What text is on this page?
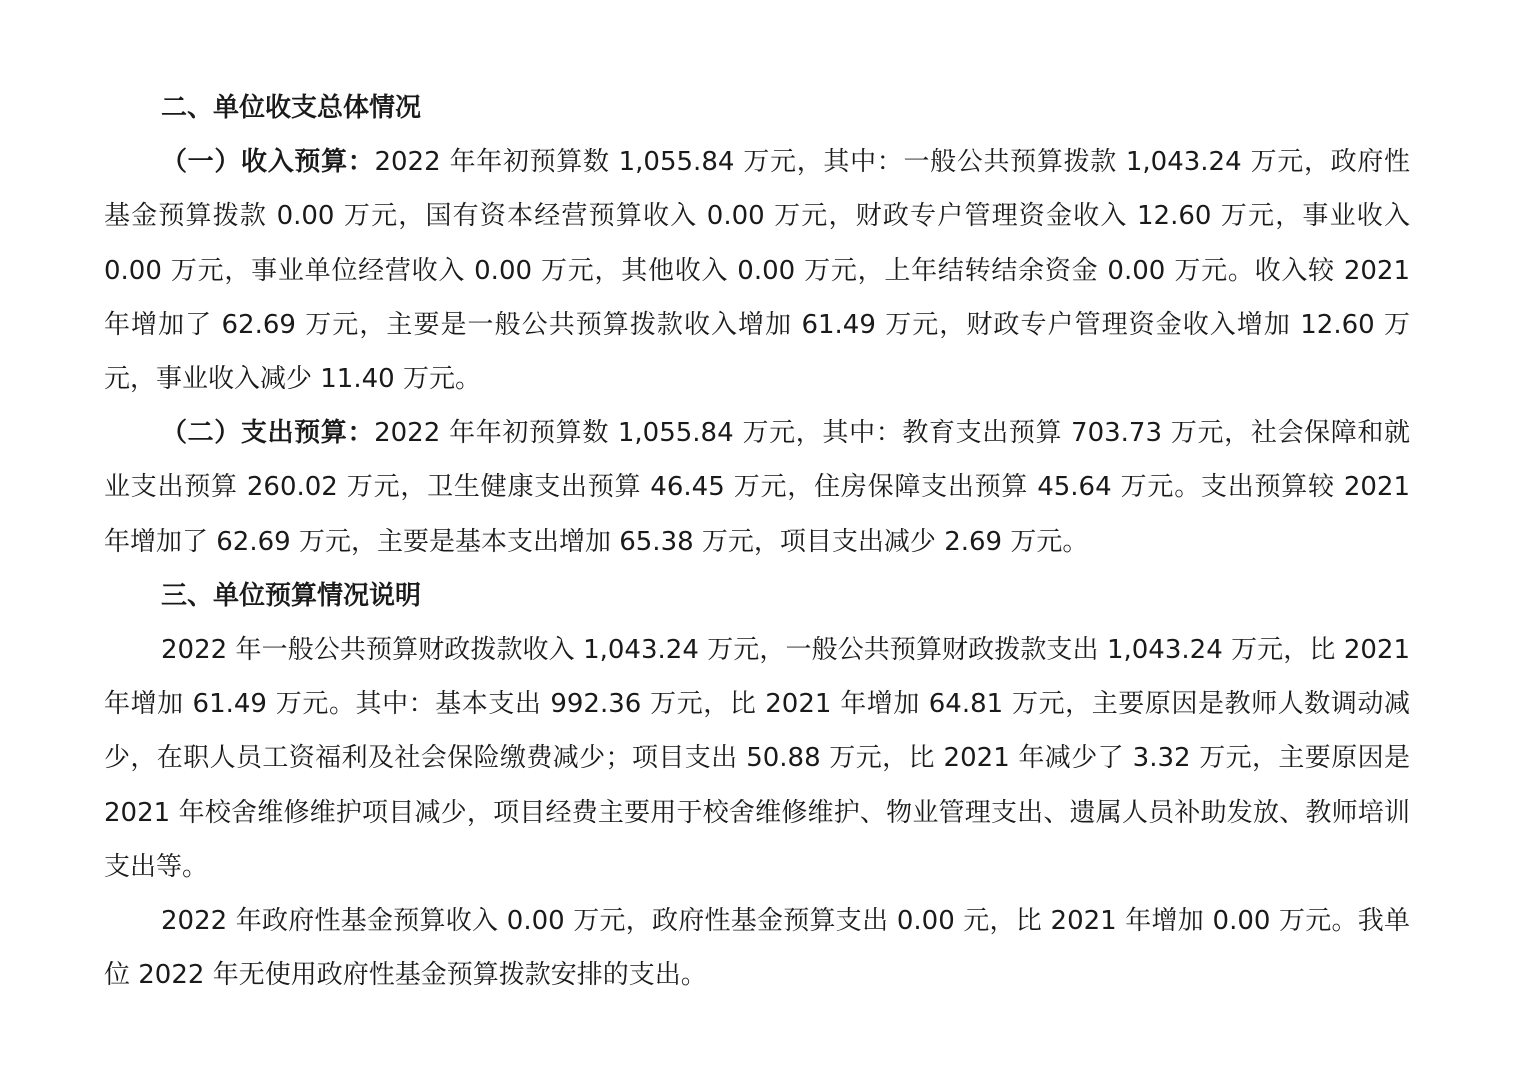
二、单位收支总体情况

（一）收入预算：2022 年年初预算数 1,055.84 万元，其中：一般公共预算拨款 1,043.24 万元，政府性基金预算拨款 0.00 万元，国有资本经营预算收入 0.00 万元，财政专户管理资金收入 12.60 万元，事业收入 0.00 万元，事业单位经营收入 0.00 万元，其他收入 0.00 万元，上年结转结余资金 0.00 万元。收入较 2021 年增加了 62.69 万元，主要是一般公共预算拨款收入增加 61.49 万元，财政专户管理资金收入增加 12.60 万元，事业收入减少 11.40 万元。

（二）支出预算：2022 年年初预算数 1,055.84 万元，其中：教育支出预算 703.73 万元，社会保障和就业支出预算 260.02 万元，卫生健康支出预算 46.45 万元，住房保障支出预算 45.64 万元。支出预算较 2021 年增加了 62.69 万元，主要是基本支出增加 65.38 万元，项目支出减少 2.69 万元。

三、单位预算情况说明

2022 年一般公共预算财政拨款收入 1,043.24 万元，一般公共预算财政拨款支出 1,043.24 万元，比 2021 年增加 61.49 万元。其中：基本支出 992.36 万元，比 2021 年增加 64.81 万元，主要原因是教师人数调动减少，在职人员工资福利及社会保险缴费减少；项目支出 50.88 万元，比 2021 年减少了 3.32 万元，主要原因是 2021 年校舍维修维护项目减少，项目经费主要用于校舍维修维护、物业管理支出、遗属人员补助发放、教师培训支出等。

2022 年政府性基金预算收入 0.00 万元，政府性基金预算支出 0.00 元，比 2021 年增加 0.00 万元。我单位 2022 年无使用政府性基金预算拨款安排的支出。
